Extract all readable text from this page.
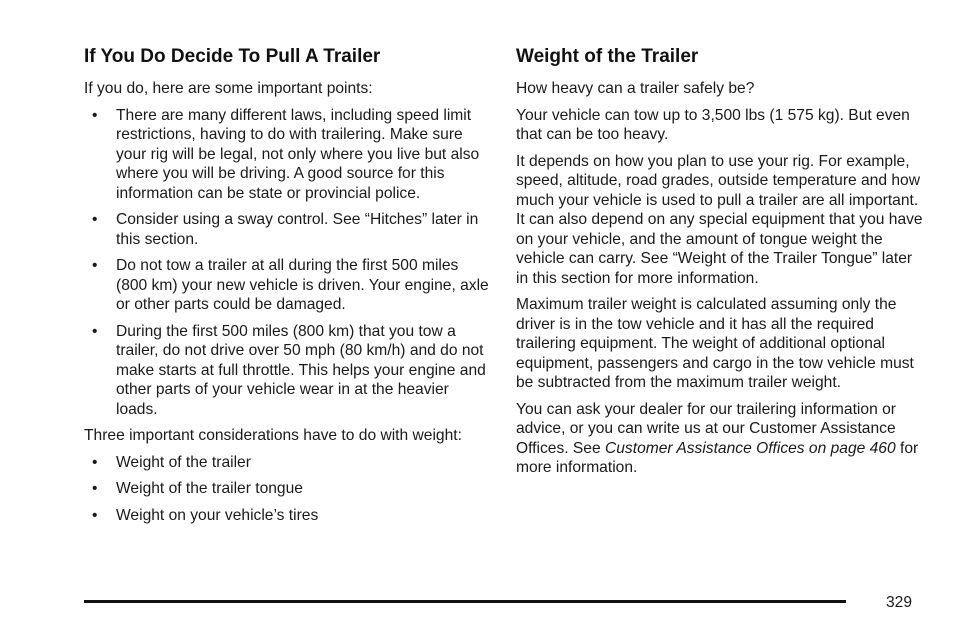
If You Do Decide To Pull A Trailer

If you do, here are some important points:

• There are many different laws, including speed limit restrictions, having to do with trailering. Make sure your rig will be legal, not only where you live but also where you will be driving. A good source for this information can be state or provincial police.
• Consider using a sway control. See “Hitches” later in this section.
• Do not tow a trailer at all during the first 500 miles (800 km) your new vehicle is driven. Your engine, axle or other parts could be damaged.
• During the first 500 miles (800 km) that you tow a trailer, do not drive over 50 mph (80 km/h) and do not make starts at full throttle. This helps your engine and other parts of your vehicle wear in at the heavier loads.

Three important considerations have to do with weight:

• Weight of the trailer
• Weight of the trailer tongue
• Weight on your vehicle’s tires
Weight of the Trailer

How heavy can a trailer safely be?

Your vehicle can tow up to 3,500 lbs (1 575 kg). But even that can be too heavy.

It depends on how you plan to use your rig. For example, speed, altitude, road grades, outside temperature and how much your vehicle is used to pull a trailer are all important. It can also depend on any special equipment that you have on your vehicle, and the amount of tongue weight the vehicle can carry. See “Weight of the Trailer Tongue” later in this section for more information.

Maximum trailer weight is calculated assuming only the driver is in the tow vehicle and it has all the required trailering equipment. The weight of additional optional equipment, passengers and cargo in the tow vehicle must be subtracted from the maximum trailer weight.

You can ask your dealer for our trailering information or advice, or you can write us at our Customer Assistance Offices. See Customer Assistance Offices on page 460 for more information.

329
